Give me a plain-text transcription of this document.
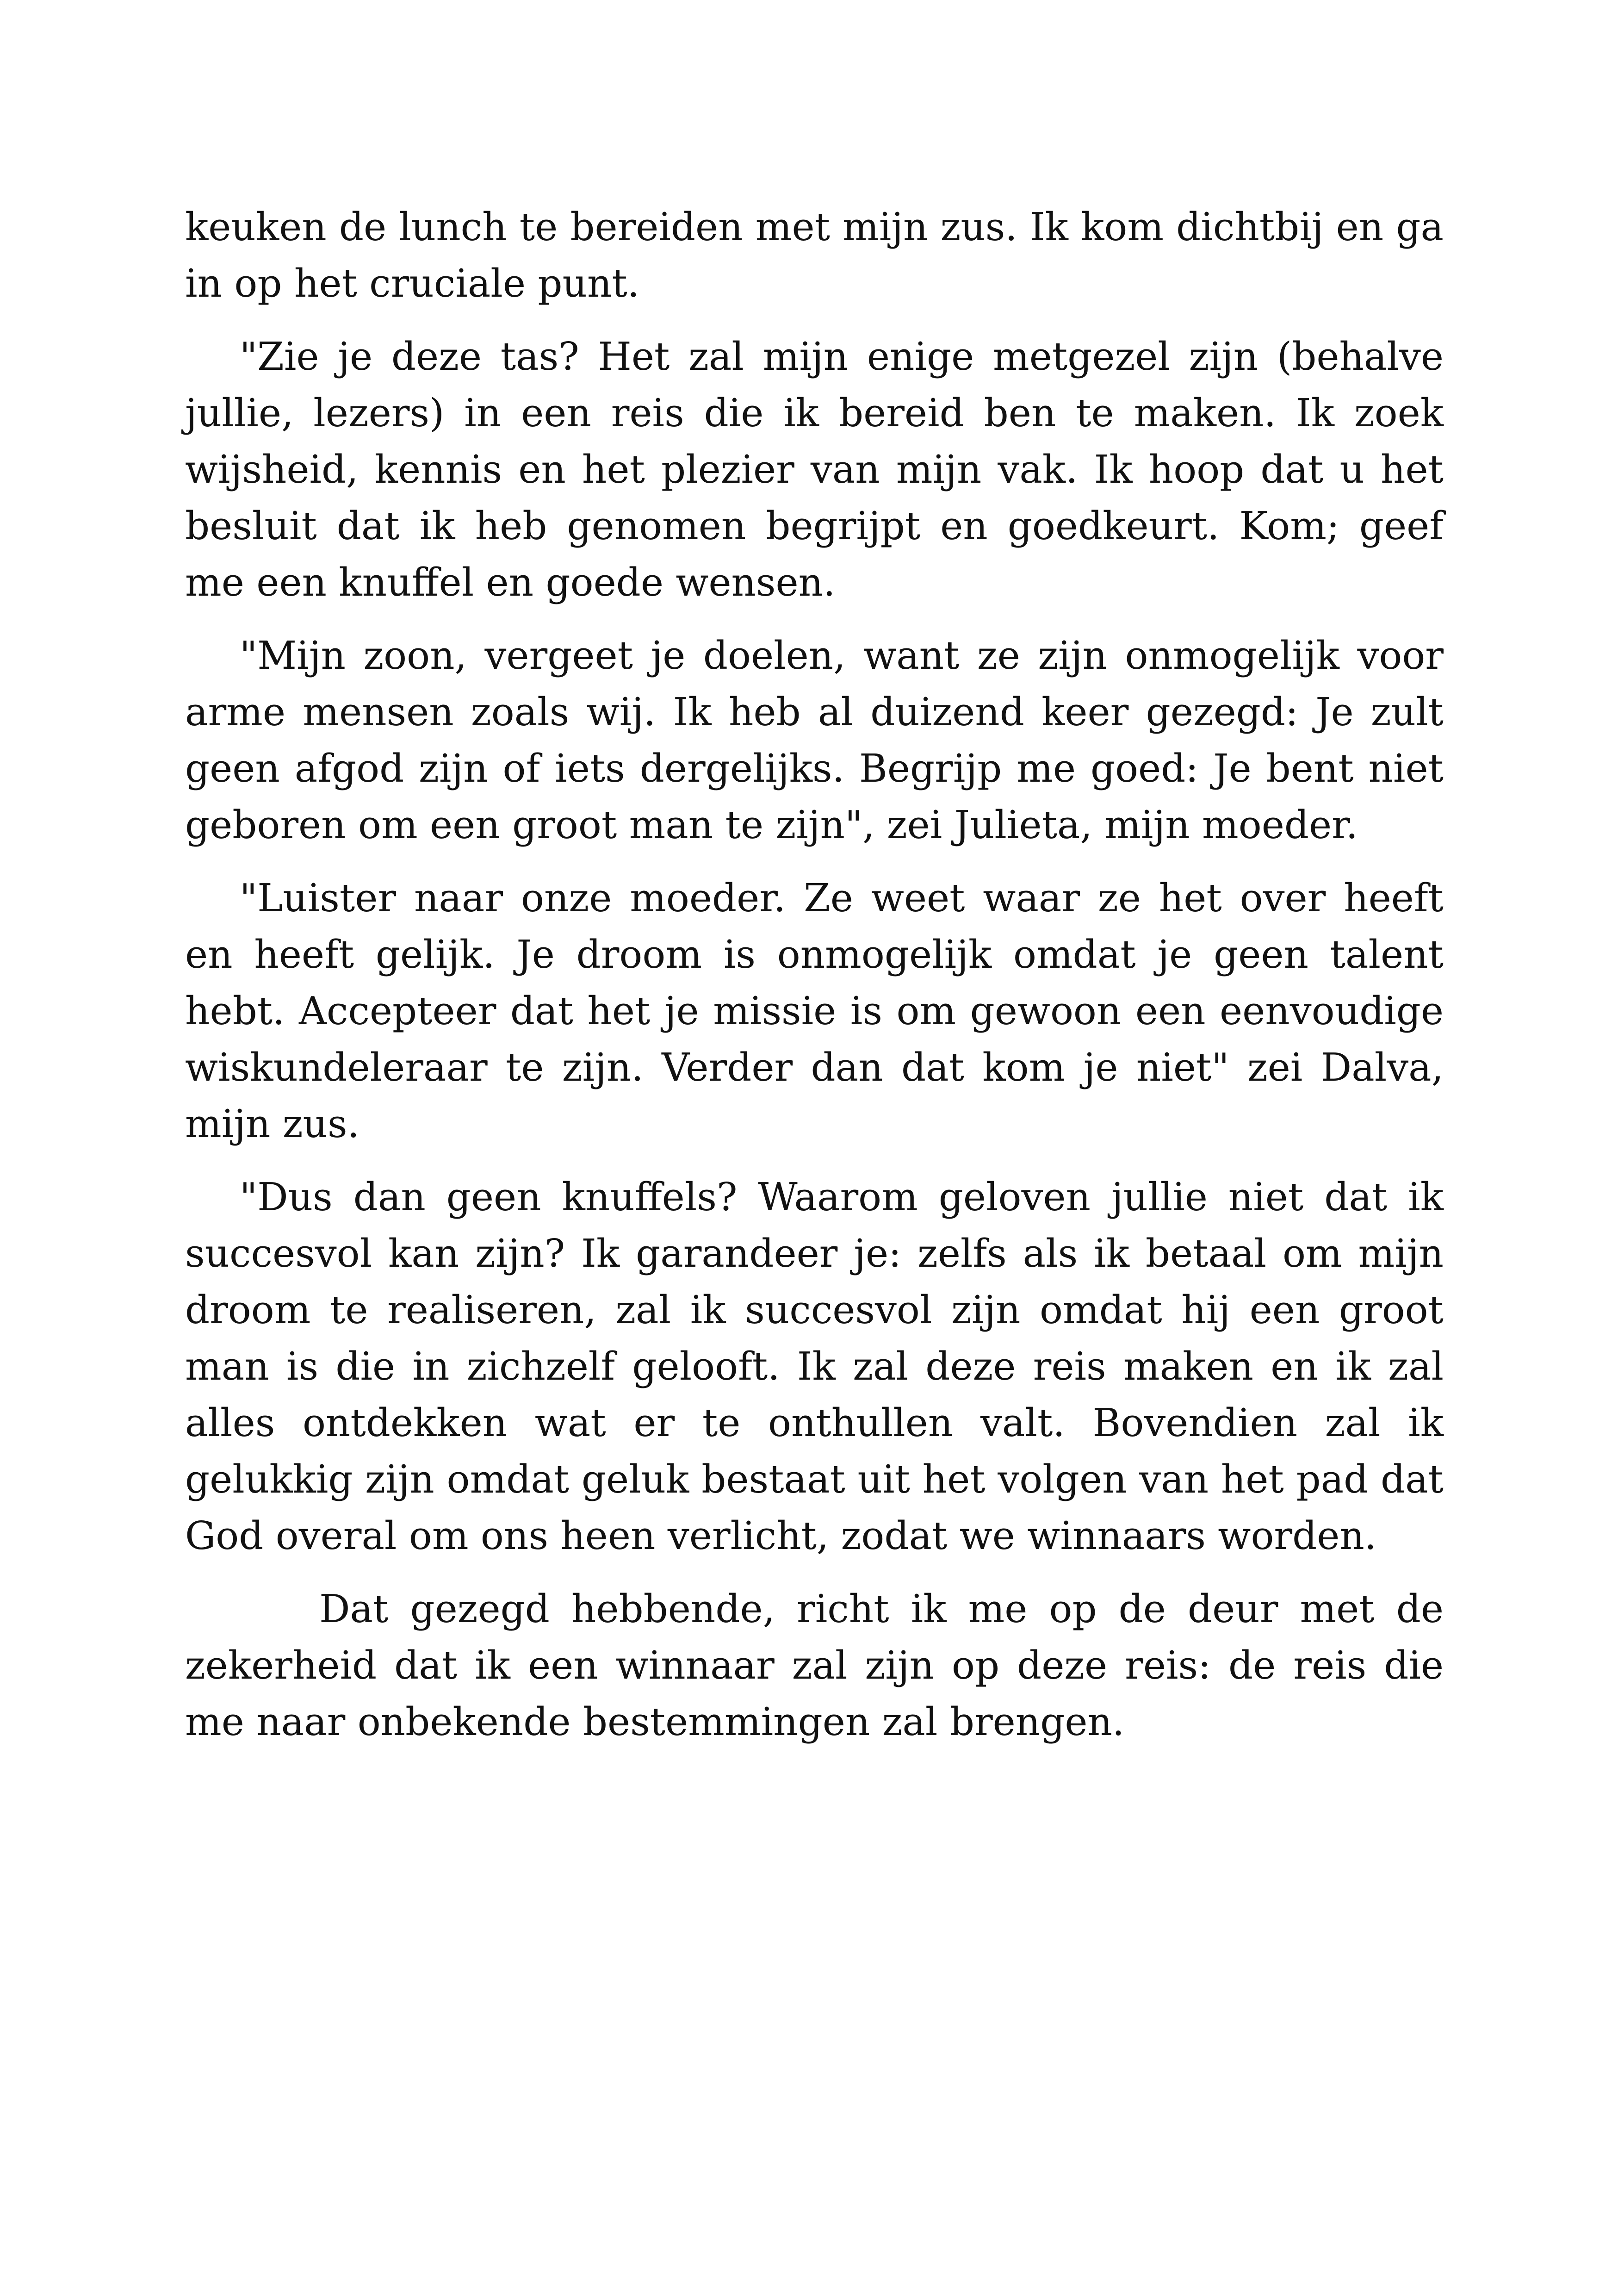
keuken de lunch te bereiden met mijn zus. Ik kom dichtbij en ga in op het cruciale punt.

"Zie je deze tas? Het zal mijn enige metgezel zijn (behalve jullie, lezers) in een reis die ik bereid ben te maken. Ik zoek wijsheid, kennis en het plezier van mijn vak. Ik hoop dat u het besluit dat ik heb genomen begrijpt en goedkeurt. Kom; geef me een knuffel en goede wensen.

"Mijn zoon, vergeet je doelen, want ze zijn onmogelijk voor arme mensen zoals wij. Ik heb al duizend keer gezegd: Je zult geen afgod zijn of iets dergelijks. Begrijp me goed: Je bent niet geboren om een groot man te zijn", zei Julieta, mijn moeder.

"Luister naar onze moeder. Ze weet waar ze het over heeft en heeft gelijk. Je droom is onmogelijk omdat je geen talent hebt. Accepteer dat het je missie is om gewoon een eenvoudige wiskundeleraar te zijn. Verder dan dat kom je niet" zei Dalva, mijn zus.

"Dus dan geen knuffels? Waarom geloven jullie niet dat ik succesvol kan zijn? Ik garandeer je: zelfs als ik betaal om mijn droom te realiseren, zal ik succesvol zijn omdat hij een groot man is die in zichzelf gelooft. Ik zal deze reis maken en ik zal alles ontdekken wat er te onthullen valt. Bovendien zal ik gelukkig zijn omdat geluk bestaat uit het volgen van het pad dat God overal om ons heen verlicht, zodat we winnaars worden.

Dat gezegd hebbende, richt ik me op de deur met de zekerheid dat ik een winnaar zal zijn op deze reis: de reis die me naar onbekende bestemmingen zal brengen.
